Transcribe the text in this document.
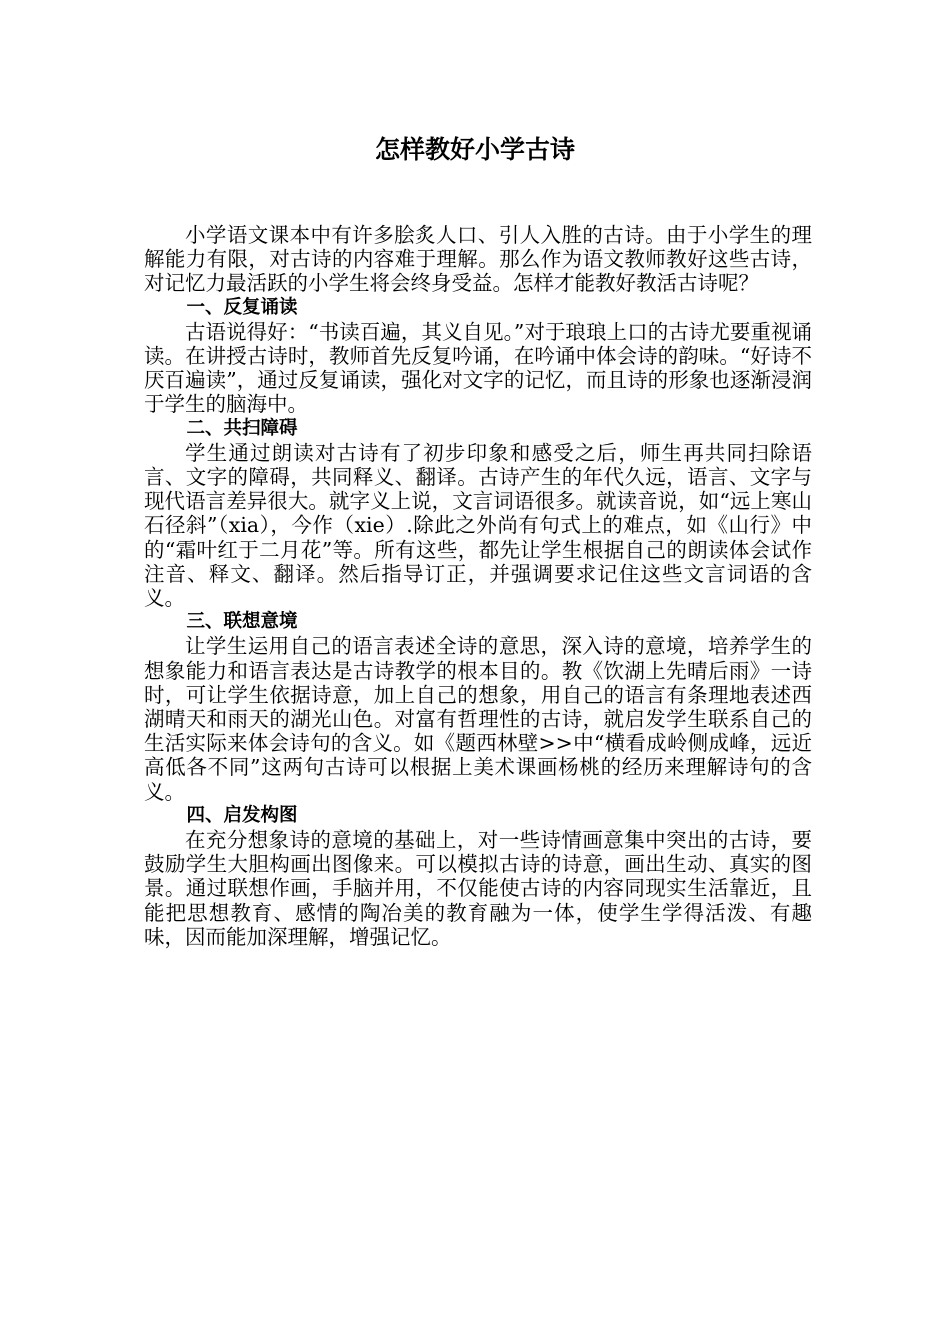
怎样教好小学古诗

小学语文课本中有许多脍炙人口、引人入胜的古诗。由于小学生的理解能力有限，对古诗的内容难于理解。那么作为语文教师教好这些古诗，对记忆力最活跃的小学生将会终身受益。怎样才能教好教活古诗呢？

一、反复诵读

古语说得好：“书读百遍，其义自见。”对于琅琅上口的古诗尤要重视诵读。在讲授古诗时，教师首先反复吟诵，在吟诵中体会诗的韵味。“好诗不厌百遍读”，通过反复诵读，强化对文字的记忆，而且诗的形象也逐渐浸润于学生的脑海中。

二、共扫障碍

学生通过朗读对古诗有了初步印象和感受之后，师生再共同扫除语言、文字的障碍，共同释义、翻译。古诗产生的年代久远，语言、文字与现代语言差异很大。就字义上说，文言词语很多。就读音说，如“远上寒山石径斜”（xia），今作（xie）.除此之外尚有句式上的难点，如《山行》中的“霜叶红于二月花”等。所有这些，都先让学生根据自己的朗读体会试作注音、释文、翻译。然后指导订正，并强调要求记住这些文言词语的含义。

三、联想意境

让学生运用自己的语言表述全诗的意思，深入诗的意境，培养学生的想象能力和语言表达是古诗教学的根本目的。教《饮湖上先晴后雨》一诗时，可让学生依据诗意，加上自己的想象，用自己的语言有条理地表述西湖晴天和雨天的湖光山色。对富有哲理性的古诗，就启发学生联系自己的生活实际来体会诗句的含义。如《题西林壁>>中“横看成岭侧成峰，远近高低各不同”这两句古诗可以根据上美术课画杨桃的经历来理解诗句的含义。

四、启发构图

在充分想象诗的意境的基础上，对一些诗情画意集中突出的古诗，要鼓励学生大胆构画出图像来。可以模拟古诗的诗意，画出生动、真实的图景。通过联想作画，手脑并用，不仅能使古诗的内容同现实生活靠近，且能把思想教育、感情的陶冶美的教育融为一体，使学生学得活泼、有趣味，因而能加深理解，增强记忆。
